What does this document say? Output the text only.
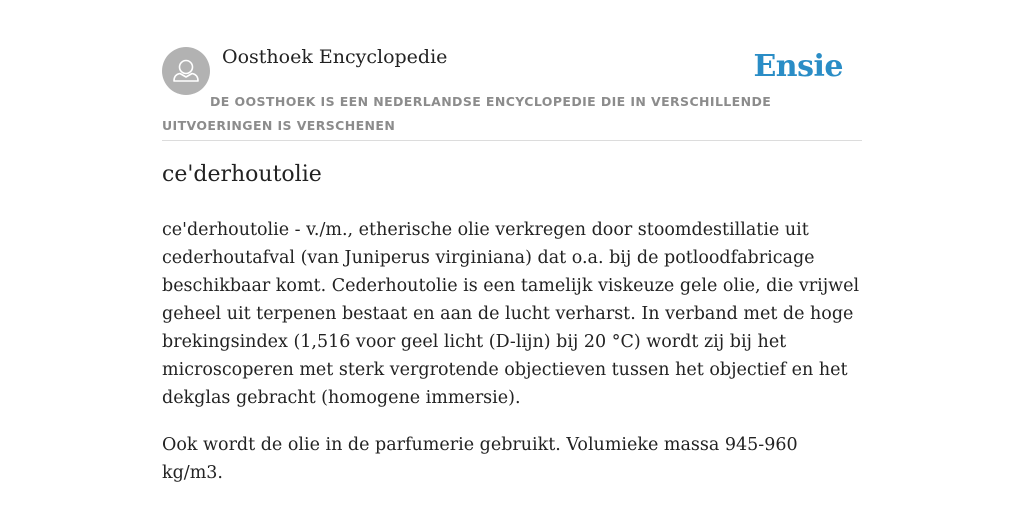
Oosthoek Encyclopedie	Ensie
DE OOSTHOEK IS EEN NEDERLANDSE ENCYCLOPEDIE DIE IN VERSCHILLENDE UITVOERINGEN IS VERSCHENEN
ce'derhoutolie

ce'derhoutolie - v./m., etherische olie verkregen door stoomdestillatie uit cederhoutafval (van Juniperus virginiana) dat o.a. bij de potloodfabricage beschikbaar komt. Cederhoutolie is een tamelijk viskeuze gele olie, die vrijwel geheel uit terpenen bestaat en aan de lucht verharst. In verband met de hoge brekingsindex (1,516 voor geel licht (D-lijn) bij 20 °C) wordt zij bij het microscoperen met sterk vergrotende objectieven tussen het objectief en het dekglas gebracht (homogene immersie).

Ook wordt de olie in de parfumerie gebruikt. Volumieke massa 945-960 kg/m3.
